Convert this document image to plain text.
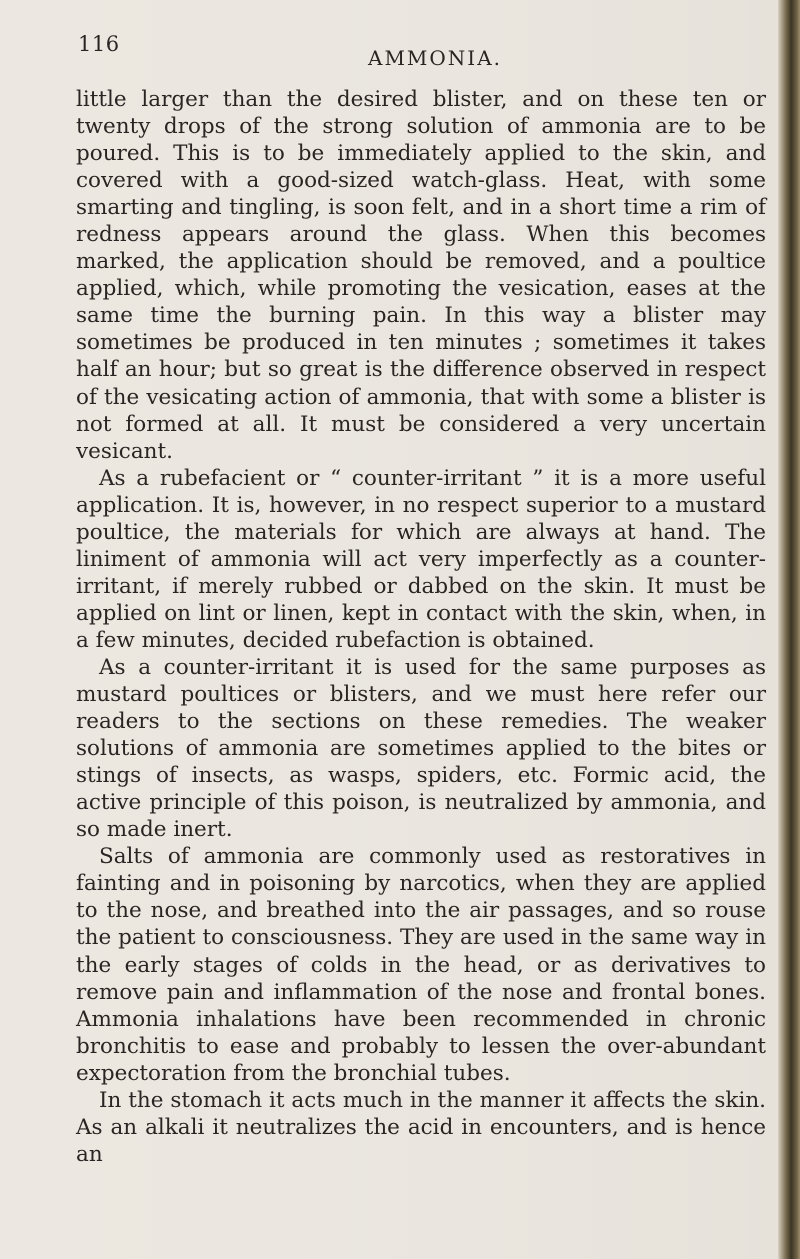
116
AMMONIA.

little larger than the desired blister, and on these ten or twenty drops of the strong solution of ammonia are to be poured. This is to be immediately applied to the skin, and covered with a good-sized watch-glass. Heat, with some smarting and tingling, is soon felt, and in a short time a rim of redness appears around the glass. When this becomes marked, the application should be removed, and a poultice applied, which, while promoting the vesication, eases at the same time the burning pain. In this way a blister may sometimes be produced in ten minutes ; sometimes it takes half an hour; but so great is the difference observed in respect of the vesicating action of ammonia, that with some a blister is not formed at all. It must be considered a very uncertain vesicant.

As a rubefacient or “ counter-irritant ” it is a more useful application. It is, however, in no respect superior to a mustard poultice, the materials for which are always at hand. The liniment of ammonia will act very imperfectly as a counter-irritant, if merely rubbed or dabbed on the skin. It must be applied on lint or linen, kept in contact with the skin, when, in a few minutes, decided rubefaction is obtained.

As a counter-irritant it is used for the same purposes as mustard poultices or blisters, and we must here refer our readers to the sections on these remedies. The weaker solutions of ammonia are sometimes applied to the bites or stings of insects, as wasps, spiders, etc. Formic acid, the active principle of this poison, is neutralized by ammonia, and so made inert.

Salts of ammonia are commonly used as restoratives in fainting and in poisoning by narcotics, when they are applied to the nose, and breathed into the air passages, and so rouse the patient to consciousness. They are used in the same way in the early stages of colds in the head, or as derivatives to remove pain and inflammation of the nose and frontal bones. Ammonia inhalations have been recommended in chronic bronchitis to ease and probably to lessen the over-abundant expectoration from the bronchial tubes.

In the stomach it acts much in the manner it affects the skin. As an alkali it neutralizes the acid in encounters, and is hence an
